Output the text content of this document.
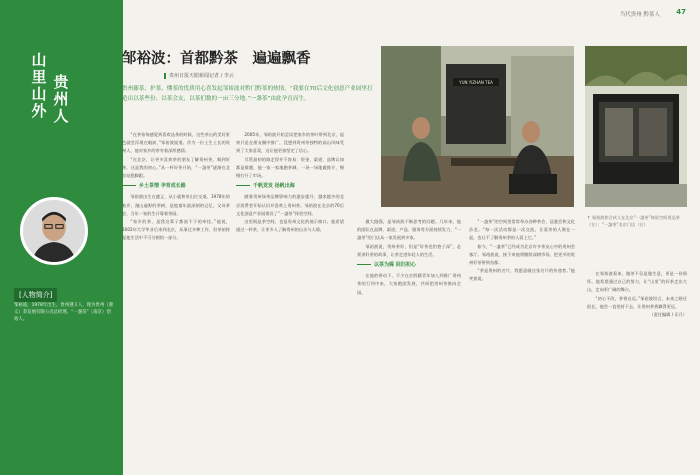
山
里
山
外
贵
州
人
[人物简介]
邹裕波，1978年出生，贵州遵义人，现为贵州（遵义）茶发展有限公司总经理、“一盏茶”（南京）创始人。
当代贵州 黔茶人 47
邹裕波：首都黔茶　遍遍飘香
贵州日报天眼新闻记者 / 李云
贵州藤茶、护茶、懂茶的优质用心喜发起邹裕波对黔门黔茶的热情。“我要在70后文化创意产业园里打造出以茶些份、以茶会友，以茶们数的一亩三分地。”一盏茶”由此孕育而生。

“在茶家每感觉到喜欢品茶的时候，这些茶山的美好景色就会浮现在眼前，”邹裕波说道。作为一位土生土长的贵州人，他对家乡的茶有着深厚感情。

“在北京，让更多喜欢茶的朋友了解贵州茶，喝到好茶，这是我的初心。”从一杯好茶开始，“一盏茶”逐渐在北京站稳脚跟。

乡土茶情 孕育成长路

邹裕波出生在遵义，从小就和茶山打交道。1978年的家乡，漫山遍野的茶树，是他童年最深刻的记忆。父母茶农，当年一家的生计靠着茶园。

“家乡的茶，是我这辈子都放不下的牵挂。”他说，2002年大学毕业后来到北京，从事过多种工作，但茶始终是他生活中不可分割的一部分。

2005年，邹裕波开始尝试把家乡的茶叶带到北京，起初只是在朋友圈中推广，没想到贵州茶独特的高山风味受到了大家喜爱，这让他更加坚定了信心。

尽管最初的路走得并不容易：资金、渠道、品牌认知都是难题，他一家一家地跑茶城、一场一场地做推介，慢慢打开了市场。

千帆竞发 扬帆出海

随着贵州绿茶品牌影响力的逐步提升，越来越多的北京消费者开始认识并喜欢上贵州茶。邹裕波在北京的70后文化创意产业园建设了“一盏茶”体验空间。

这里既是茶空间，也是贵州文化的展示窗口。他希望通过一杯茶，让更多人了解贵州的山水与人情。

做大做强，是邹裕波不断思考的问题。几年来，他的团队在品牌、渠道、产品、服务等方面持续发力，“一盏茶”的门店从一家发展到多家。

邹裕波说，贵州茶好，但是“好茶也怕巷子深”，必须讲好茶的故事，让茶走进年轻人的生活。

以茶为媒 回归初心

在他的带动下，不少在京黔籍青年加入到推广贵州茶的行列中来，大家抱团发展，共同把贵州茶推向全国。

“一盏茶”的空间里常常举办各种茶会、品鉴会和文化沙龙。“每一次活动都是一次交流，让爱茶的人聚在一起，也让不了解贵州茶的人爱上它。”

如今，“一盏茶”已经成为北京许多茶友心中的贵州会客厅。邹裕波说，接下来他将继续深耕市场，把更多的贵州好茶带到首都。

“茶是贵州的名片，我愿意做这张名片的传递者。”他笑着说。

在邹裕波看来，做茶不仅是做生意，更是一份情怀。他希望通过自己的努力，让“山里”的好茶走出大山，走向更广阔的舞台。

“初心不改，茶香自远。”邹裕波坦言，未来之路还很长，他会一直坚持下去，让贵州茶香飘得更远。

（责任编辑 / 乐月）

YUN YIZHAN TEA
↑ 邹裕波和合伙人在北京“一盏茶”体验空间里品茶（左）；“一盏茶”北京门店（右）
